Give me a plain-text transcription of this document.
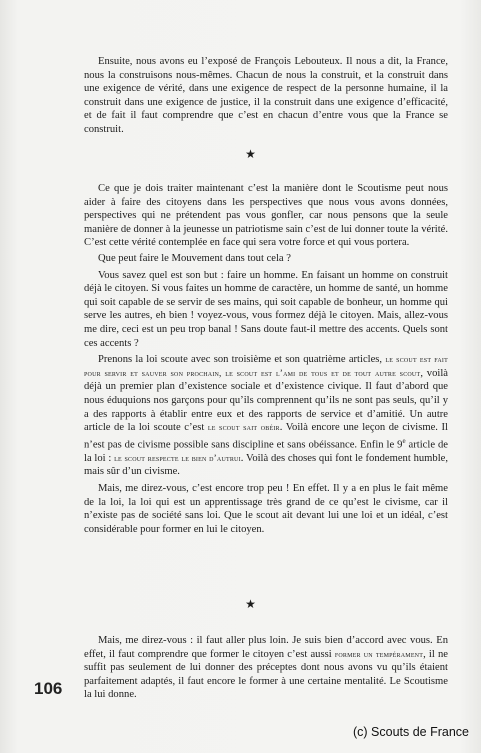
Ensuite, nous avons eu l’exposé de François Lebouteux. Il nous a dit, la France, nous la construisons nous-mêmes. Chacun de nous la construit, et la construit dans une exigence de vérité, dans une exigence de respect de la personne humaine, il la construit dans une exigence de justice, il la construit dans une exigence d’efficacité, et de fait il faut comprendre que c’est en chacun d’entre vous que la France se construit.

★

Ce que je dois traiter maintenant c’est la manière dont le Scoutisme peut nous aider à faire des citoyens dans les perspectives que nous vous avons données, perspectives qui ne prétendent pas vous gonfler, car nous pensons que la seule manière de donner à la jeunesse un patriotisme sain c’est de lui donner toute la vérité. C’est cette vérité contemplée en face qui sera votre force et qui vous portera.

Que peut faire le Mouvement dans tout cela ?

Vous savez quel est son but : faire un homme. En faisant un homme on construit déjà le citoyen. Si vous faites un homme de caractère, un homme de santé, un homme qui soit capable de se servir de ses mains, qui soit capable de bonheur, un homme qui serve les autres, eh bien ! voyez-vous, vous formez déjà le citoyen. Mais, allez-vous me dire, ceci est un peu trop banal ! Sans doute faut-il mettre des accents. Quels sont ces accents ?

Prenons la loi scoute avec son troisième et son quatrième articles, le scout est fait pour servir et sauver son prochain, le scout est l’ami de tous et de tout autre scout, voilà déjà un premier plan d’existence sociale et d’existence civique. Il faut d’abord que nous éduquions nos garçons pour qu’ils comprennent qu’ils ne sont pas seuls, qu’il y a des rapports à établir entre eux et des rapports de service et d’amitié. Un autre article de la loi scoute c’est le scout sait obéir. Voilà encore une leçon de civisme. Il n’est pas de civisme possible sans discipline et sans obéissance. Enfin le 9e article de la loi : le scout respecte le bien d’autrui. Voilà des choses qui font le fondement humble, mais sûr d’un civisme.

Mais, me direz-vous, c’est encore trop peu ! En effet. Il y a en plus le fait même de la loi, la loi qui est un apprentissage très grand de ce qu’est le civisme, car il n’existe pas de société sans loi. Que le scout ait devant lui une loi et un idéal, c’est considérable pour former en lui le citoyen.

★

Mais, me direz-vous : il faut aller plus loin. Je suis bien d’accord avec vous. En effet, il faut comprendre que former le citoyen c’est aussi former un tempérament, il ne suffit pas seulement de lui donner des préceptes dont nous avons vu qu’ils étaient parfaitement adaptés, il faut encore le former à une certaine mentalité. Le Scoutisme la lui donne.

106
(c) Scouts de France
